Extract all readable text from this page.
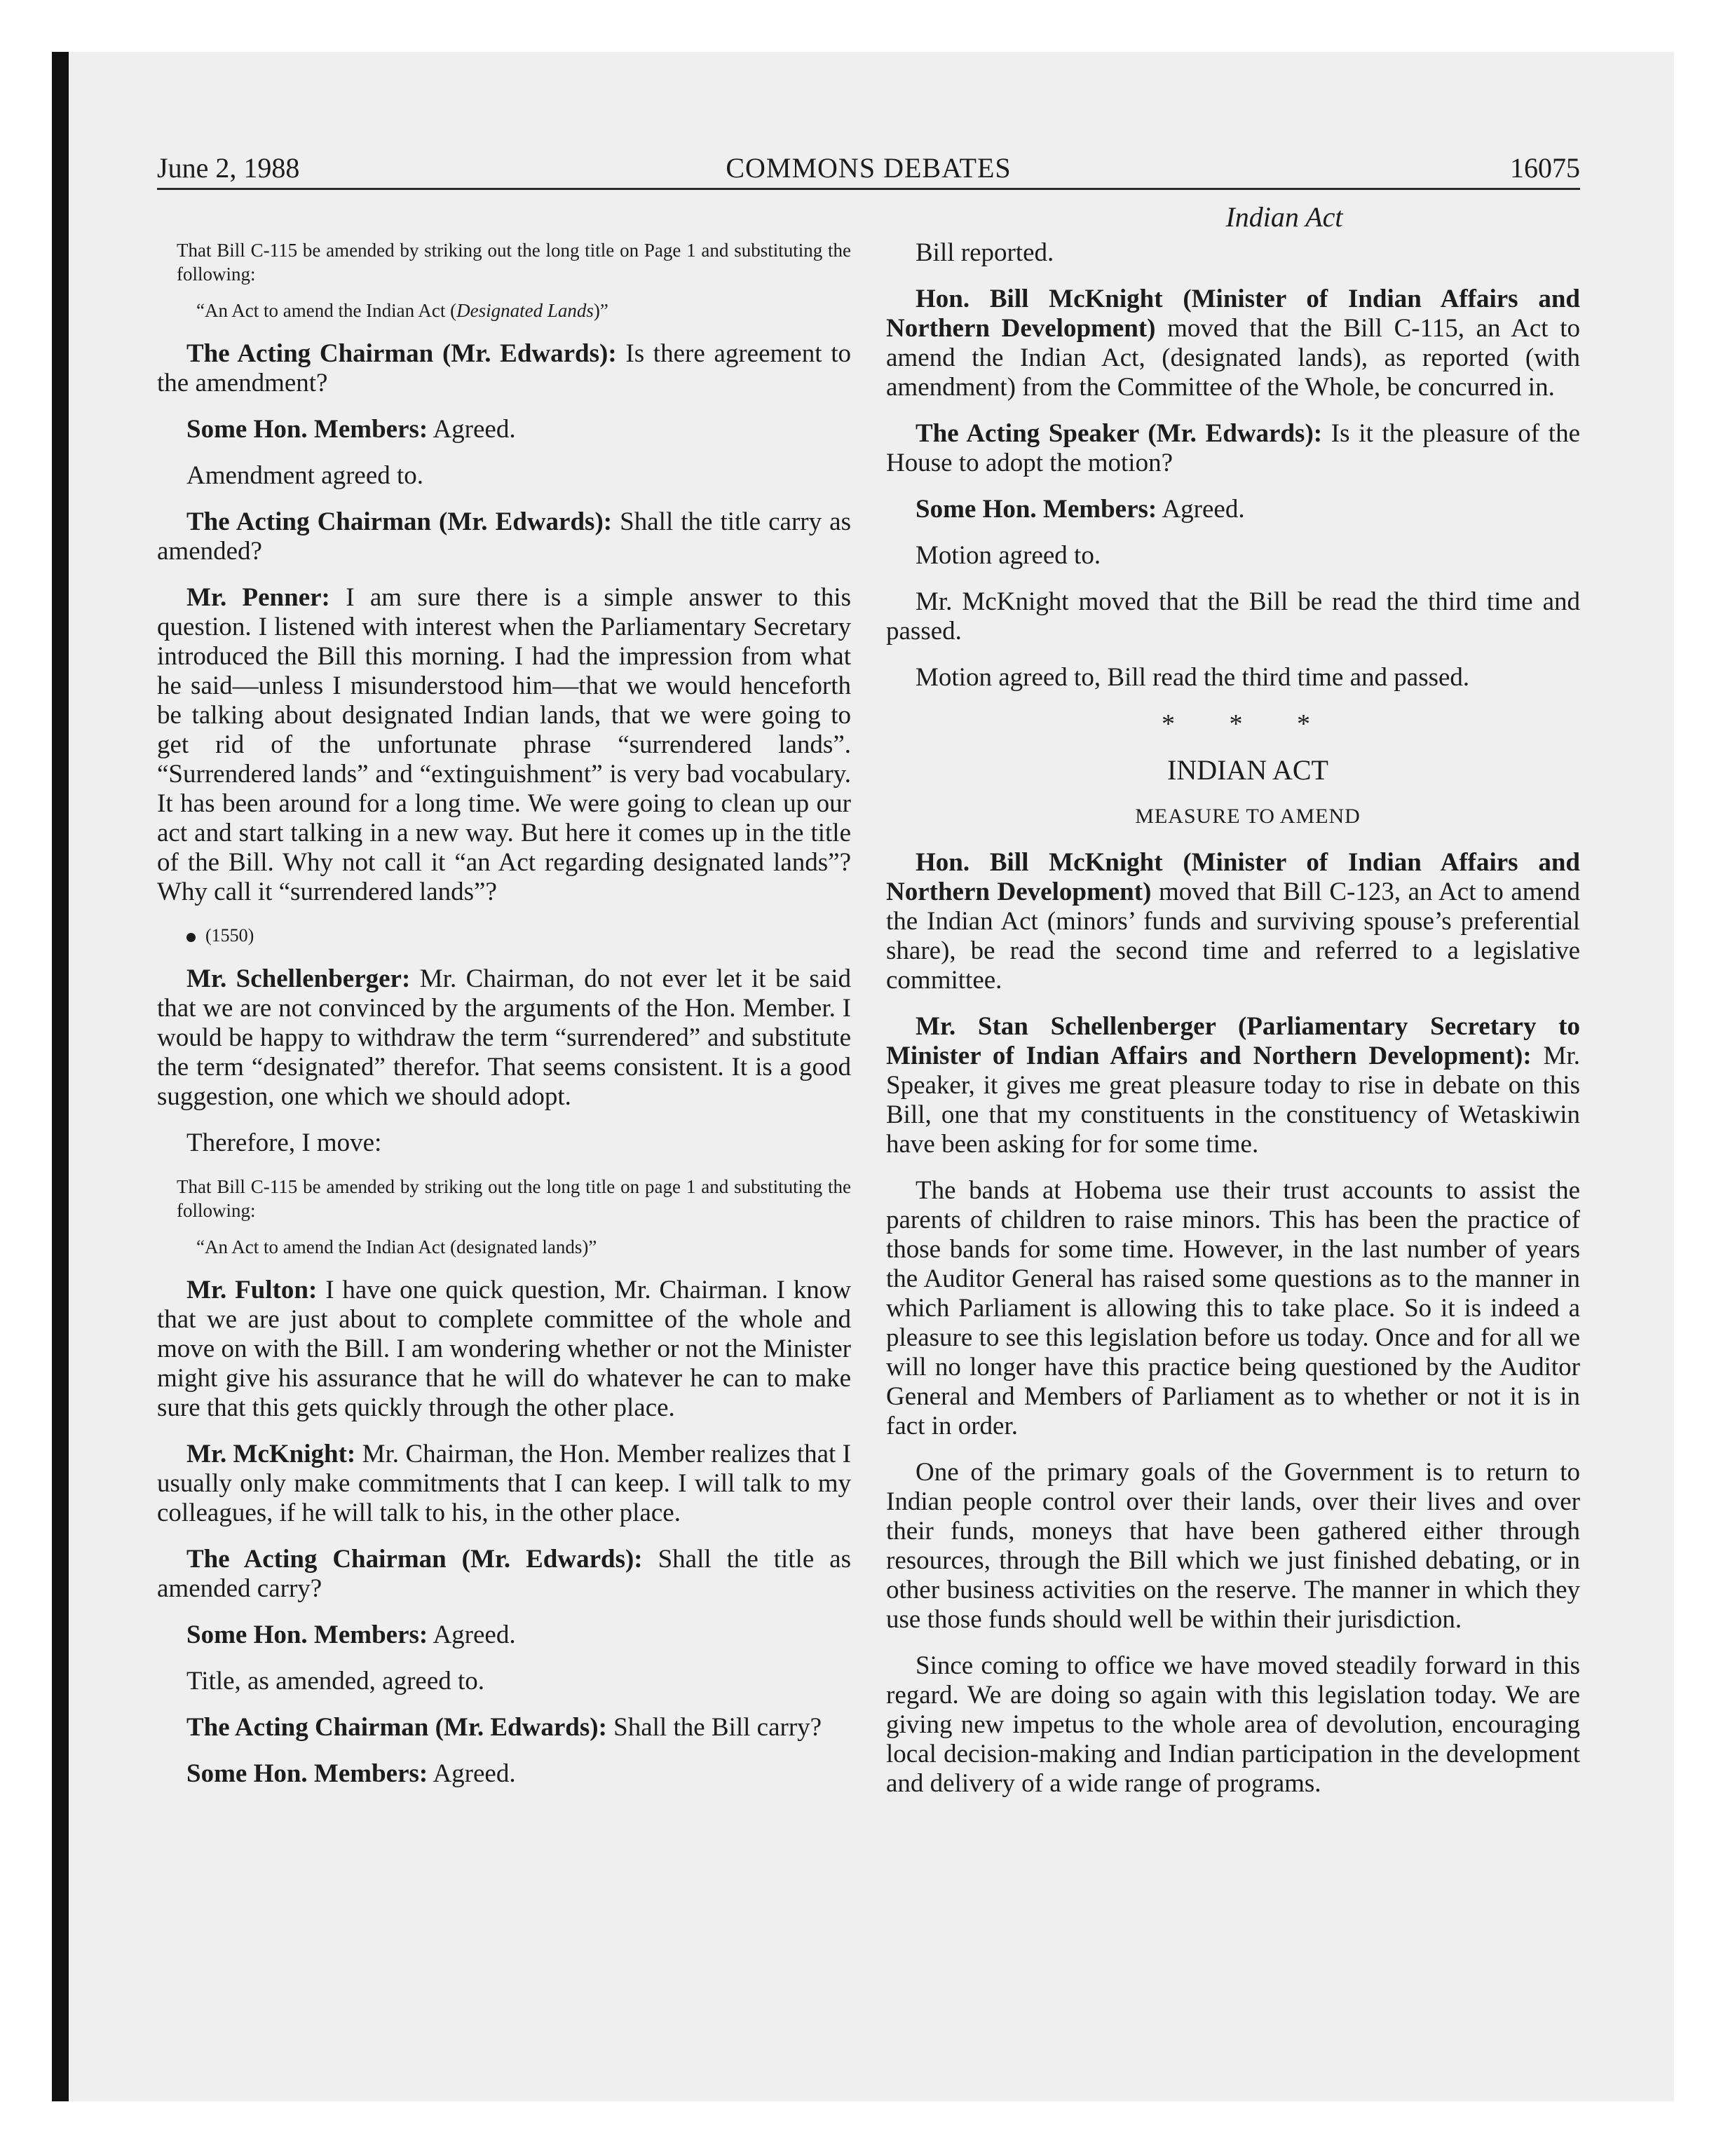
June 2, 1988	COMMONS DEBATES	16075
Indian Act

That Bill C-115 be amended by striking out the long title on Page 1 and substituting the following:

“An Act to amend the Indian Act (Designated Lands)”

The Acting Chairman (Mr. Edwards): Is there agreement to the amendment?

Some Hon. Members: Agreed.

Amendment agreed to.

The Acting Chairman (Mr. Edwards): Shall the title carry as amended?

Mr. Penner: I am sure there is a simple answer to this question. I listened with interest when the Parliamentary Secretary introduced the Bill this morning. I had the impression from what he said—unless I misunderstood him—that we would henceforth be talking about designated Indian lands, that we were going to get rid of the unfortunate phrase “surrendered lands”. “Surrendered lands” and “extinguishment” is very bad vocabulary. It has been around for a long time. We were going to clean up our act and start talking in a new way. But here it comes up in the title of the Bill. Why not call it “an Act regarding designated lands”? Why call it “surrendered lands”?

(1550)

Mr. Schellenberger: Mr. Chairman, do not ever let it be said that we are not convinced by the arguments of the Hon. Member. I would be happy to withdraw the term “surrendered” and substitute the term “designated” therefor. That seems consistent. It is a good suggestion, one which we should adopt.

Therefore, I move:

That Bill C-115 be amended by striking out the long title on page 1 and substituting the following:

“An Act to amend the Indian Act (designated lands)”

Mr. Fulton: I have one quick question, Mr. Chairman. I know that we are just about to complete committee of the whole and move on with the Bill. I am wondering whether or not the Minister might give his assurance that he will do whatever he can to make sure that this gets quickly through the other place.

Mr. McKnight: Mr. Chairman, the Hon. Member realizes that I usually only make commitments that I can keep. I will talk to my colleagues, if he will talk to his, in the other place.

The Acting Chairman (Mr. Edwards): Shall the title as amended carry?

Some Hon. Members: Agreed.

Title, as amended, agreed to.

The Acting Chairman (Mr. Edwards): Shall the Bill carry?

Some Hon. Members: Agreed.

Bill reported.

Hon. Bill McKnight (Minister of Indian Affairs and Northern Development) moved that the Bill C-115, an Act to amend the Indian Act, (designated lands), as reported (with amendment) from the Committee of the Whole, be concurred in.

The Acting Speaker (Mr. Edwards): Is it the pleasure of the House to adopt the motion?

Some Hon. Members: Agreed.

Motion agreed to.

Mr. McKnight moved that the Bill be read the third time and passed.

Motion agreed to, Bill read the third time and passed.

* * *

INDIAN ACT

MEASURE TO AMEND

Hon. Bill McKnight (Minister of Indian Affairs and Northern Development) moved that Bill C-123, an Act to amend the Indian Act (minors’ funds and surviving spouse’s preferential share), be read the second time and referred to a legislative committee.

Mr. Stan Schellenberger (Parliamentary Secretary to Minister of Indian Affairs and Northern Development): Mr. Speaker, it gives me great pleasure today to rise in debate on this Bill, one that my constituents in the constituency of Wetaskiwin have been asking for for some time.

The bands at Hobema use their trust accounts to assist the parents of children to raise minors. This has been the practice of those bands for some time. However, in the last number of years the Auditor General has raised some questions as to the manner in which Parliament is allowing this to take place. So it is indeed a pleasure to see this legislation before us today. Once and for all we will no longer have this practice being questioned by the Auditor General and Members of Parliament as to whether or not it is in fact in order.

One of the primary goals of the Government is to return to Indian people control over their lands, over their lives and over their funds, moneys that have been gathered either through resources, through the Bill which we just finished debating, or in other business activities on the reserve. The manner in which they use those funds should well be within their jurisdiction.

Since coming to office we have moved steadily forward in this regard. We are doing so again with this legislation today. We are giving new impetus to the whole area of devolution, encouraging local decision-making and Indian participation in the development and delivery of a wide range of programs.
